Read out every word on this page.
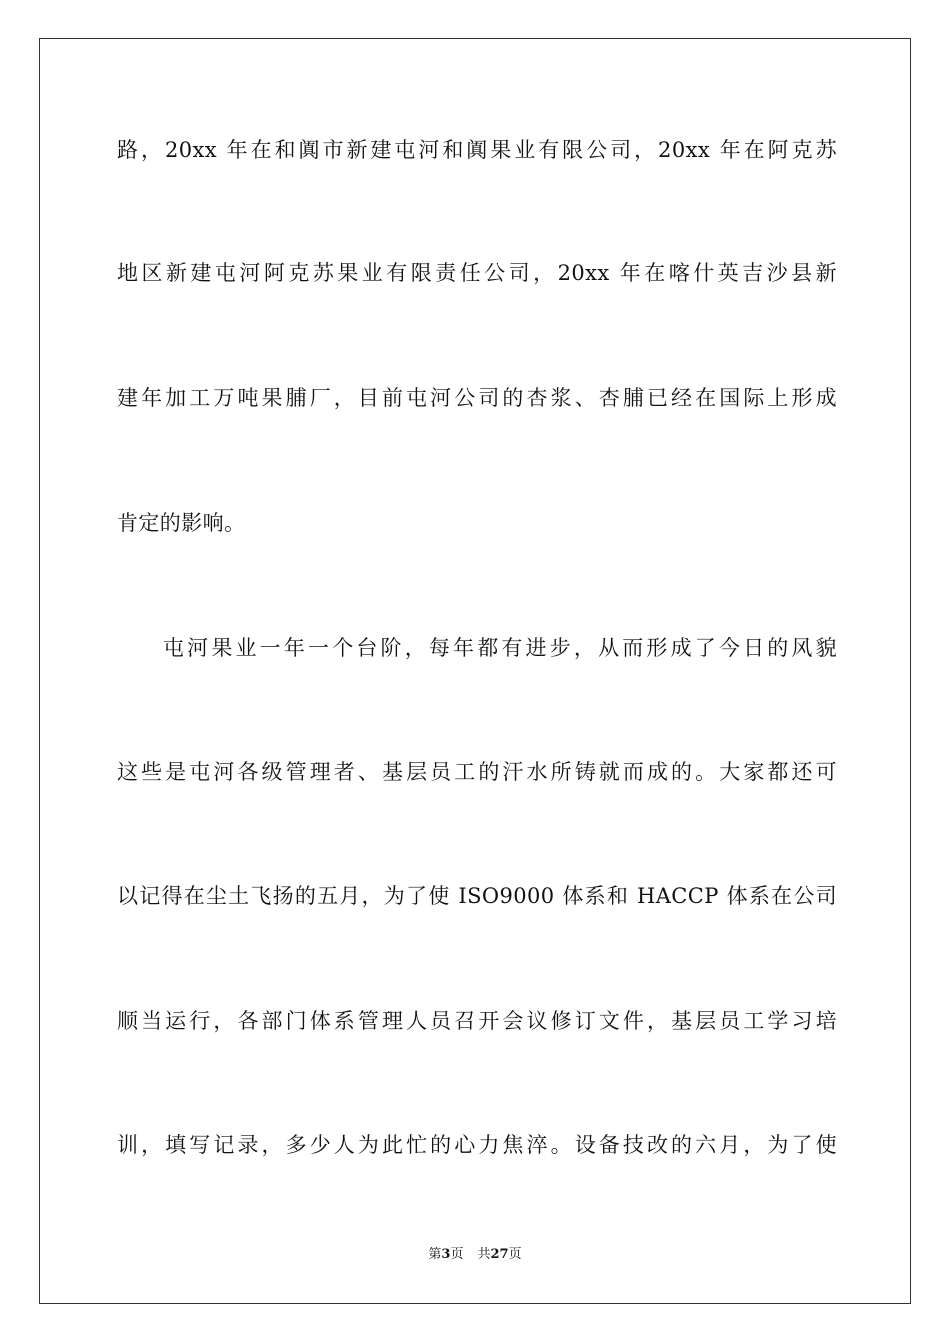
路，20xx 年在和阗市新建屯河和阗果业有限公司，20xx 年在阿克苏
地区新建屯河阿克苏果业有限责任公司，20xx 年在喀什英吉沙县新
建年加工万吨果脯厂，目前屯河公司的杏浆、杏脯已经在国际上形成
肯定的影响。
屯河果业一年一个台阶，每年都有进步，从而形成了今日的风貌
这些是屯河各级管理者、基层员工的汗水所铸就而成的。大家都还可
以记得在尘土飞扬的五月，为了使 ISO9000 体系和 HACCP 体系在公司
顺当运行，各部门体系管理人员召开会议修订文件，基层员工学习培
训，填写记录，多少人为此忙的心力焦淬。设备技改的六月，为了使
第3页 共27页
